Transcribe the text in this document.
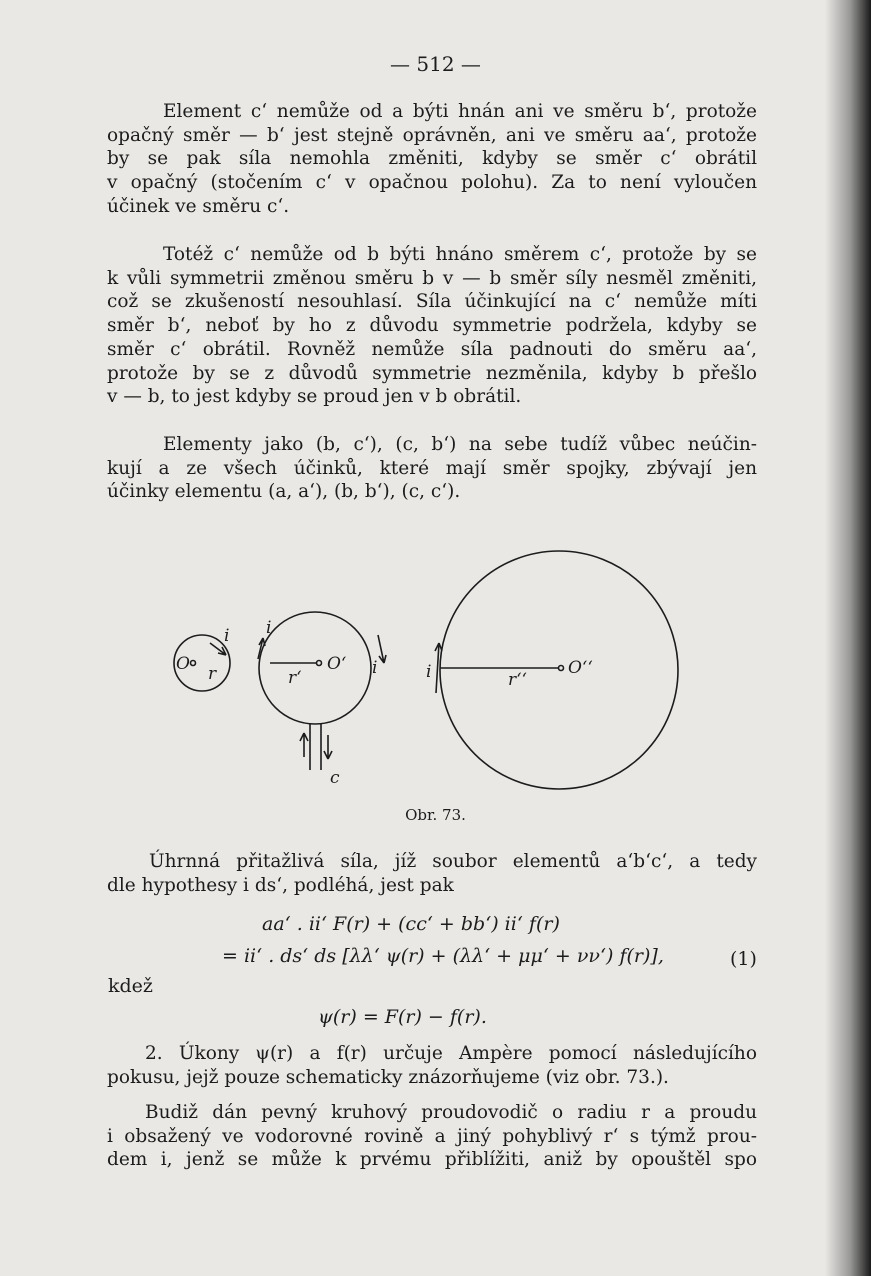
— 512 —

Element c‘ nemůže od a býti hnán ani ve směru b‘, protože
opačný směr — b‘ jest stejně oprávněn, ani ve směru aa‘, protože
by se pak síla nemohla změniti, kdyby se směr c‘ obrátil
v opačný (stočením c‘ v opačnou polohu). Za to není vyloučen
účinek ve směru c‘.

Totéž c‘ nemůže od b býti hnáno směrem c‘, protože by se
k vůli symmetrii změnou směru b v — b směr síly nesměl změniti,
což se zkušeností nesouhlasí. Síla účinkující na c‘ nemůže míti
směr b‘, neboť by ho z důvodu symmetrie podržela, kdyby se
směr c‘ obrátil. Rovněž nemůže síla padnouti do směru aa‘,
protože by se z důvodů symmetrie nezměnila, kdyby b přešlo
v — b, to jest kdyby se proud jen v b obrátil.

Elementy jako (b, c‘), (c, b‘) na sebe tudíž vůbec neúčin-
kují a ze všech účinků, které mají směr spojky, zbývají jen
účinky elementu (a, a‘), (b, b‘), (c, c‘).

O r
i i
r‘
O‘ i
c
i	r‘‘
O‘‘
Obr. 73.

Úhrnná přitažlivá síla, jíž soubor elementů a‘b‘c‘, a tedy
dle hypothesy i ds‘, podléhá, jest pak

aa‘ . ii‘ F(r) + (cc‘ + bb‘) ii‘ f(r)
= ii‘ . ds‘ ds [λλ‘ ψ(r) + (λλ‘ + μμ‘ + νν‘) f(r)],	(1)
kdež
ψ(r) = F(r) − f(r).

2. Úkony ψ(r) a f(r) určuje Ampère pomocí následujícího
pokusu, jejž pouze schematicky znázorňujeme (viz obr. 73.).

Budiž dán pevný kruhový proudovodič o radiu r a proudu
i obsažený ve vodorovné rovině a jiný pohyblivý r‘ s týmž prou-
dem i, jenž se může k prvému přiblížiti, aniž by opouštěl spo
